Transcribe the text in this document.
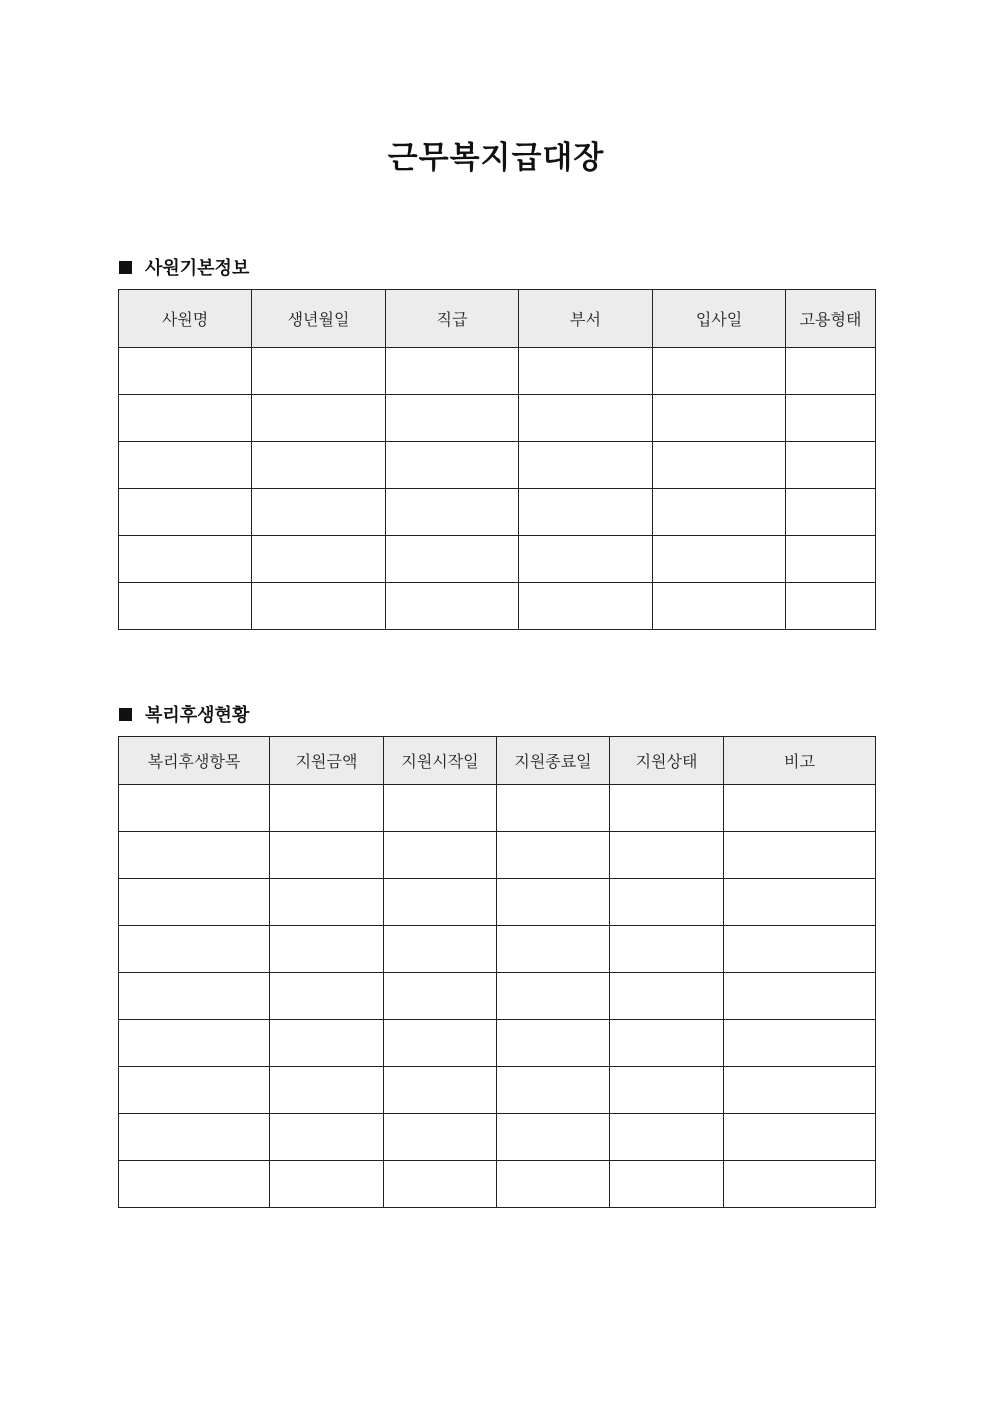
근무복지급대장
사원기본정보
사원명	생년월일	직급	부서	입사일	고용형태

복리후생현황
복리후생항목	지원금액	지원시작일	지원종료일	지원상태	비고
